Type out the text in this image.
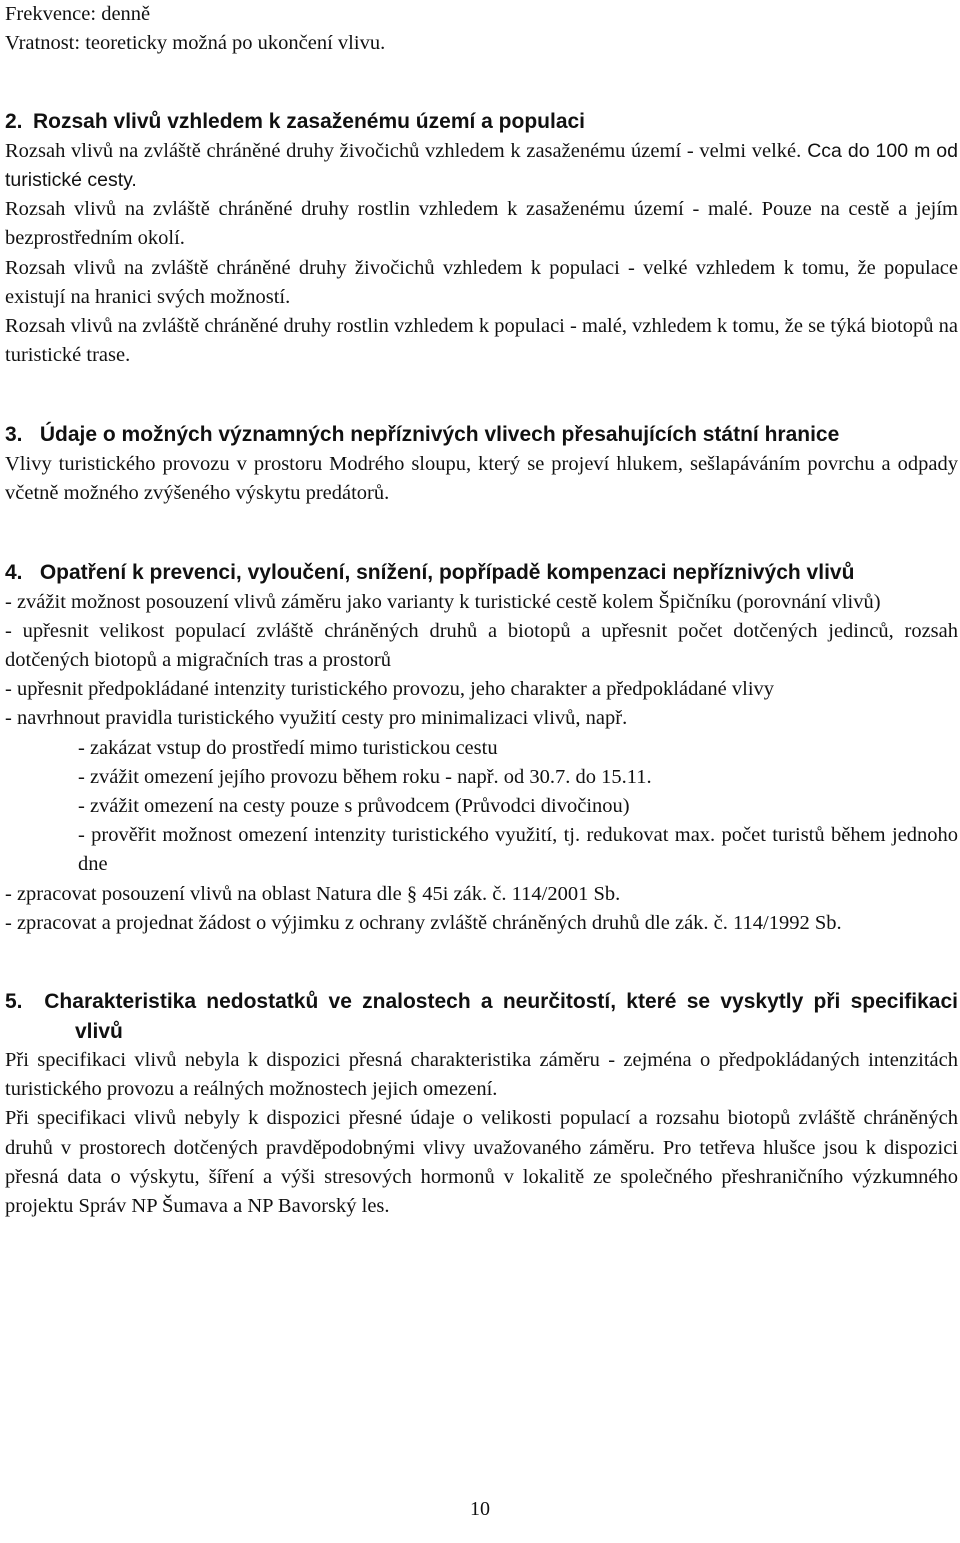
Frekvence: denně

Vratnost: teoreticky možná po ukončení vlivu.

2. Rozsah vlivů vzhledem k zasaženému území a populaci

Rozsah vlivů na zvláště chráněné druhy živočichů vzhledem k zasaženému území - velmi velké. Cca do 100 m od turistické cesty.

Rozsah vlivů na zvláště chráněné druhy rostlin vzhledem k zasaženému území - malé. Pouze na cestě a jejím bezprostředním okolí.

Rozsah vlivů na zvláště chráněné druhy živočichů vzhledem k populaci - velké vzhledem k tomu, že populace existují na hranici svých možností.

Rozsah vlivů na zvláště chráněné druhy rostlin vzhledem k populaci - malé, vzhledem k tomu, že se týká biotopů na turistické trase.

3. Údaje o možných významných nepříznivých vlivech přesahujících státní hranice

Vlivy turistického provozu v prostoru Modrého sloupu, který se projeví hlukem, sešlapáváním povrchu a odpady včetně možného zvýšeného výskytu predátorů.

4. Opatření k prevenci, vyloučení, snížení, popřípadě kompenzaci nepříznivých vlivů

- zvážit možnost posouzení vlivů záměru jako varianty k turistické cestě kolem Špičníku (porovnání vlivů)

- upřesnit velikost populací zvláště chráněných druhů a biotopů a upřesnit počet dotčených jedinců, rozsah dotčených biotopů a migračních tras a prostorů

- upřesnit předpokládané intenzity turistického provozu, jeho charakter a předpokládané vlivy

- navrhnout pravidla turistického využití cesty pro minimalizaci vlivů, např.

- zakázat vstup do prostředí mimo turistickou cestu

- zvážit omezení jejího provozu během roku - např. od 30.7. do 15.11.

- zvážit omezení na cesty pouze s průvodcem (Průvodci divočinou)

- prověřit možnost omezení intenzity turistického využití, tj. redukovat max. počet turistů během jednoho dne

- zpracovat posouzení vlivů na oblast Natura dle § 45i zák. č. 114/2001 Sb.

- zpracovat a projednat žádost o výjimku z ochrany zvláště chráněných druhů dle zák. č. 114/1992 Sb.

5. Charakteristika nedostatků ve znalostech a neurčitostí, které se vyskytly při specifikaci vlivů

Při specifikaci vlivů nebyla k dispozici přesná charakteristika záměru - zejména o předpokládaných intenzitách turistického provozu a reálných možnostech jejich omezení.

Při specifikaci vlivů nebyly k dispozici přesné údaje o velikosti populací a rozsahu biotopů zvláště chráněných druhů v prostorech dotčených pravděpodobnými vlivy uvažovaného záměru. Pro tetřeva hlušce jsou k dispozici přesná data o výskytu, šíření a výši stresových hormonů v lokalitě ze společného přeshraničního výzkumného projektu Správ NP Šumava a NP Bavorský les.

10
